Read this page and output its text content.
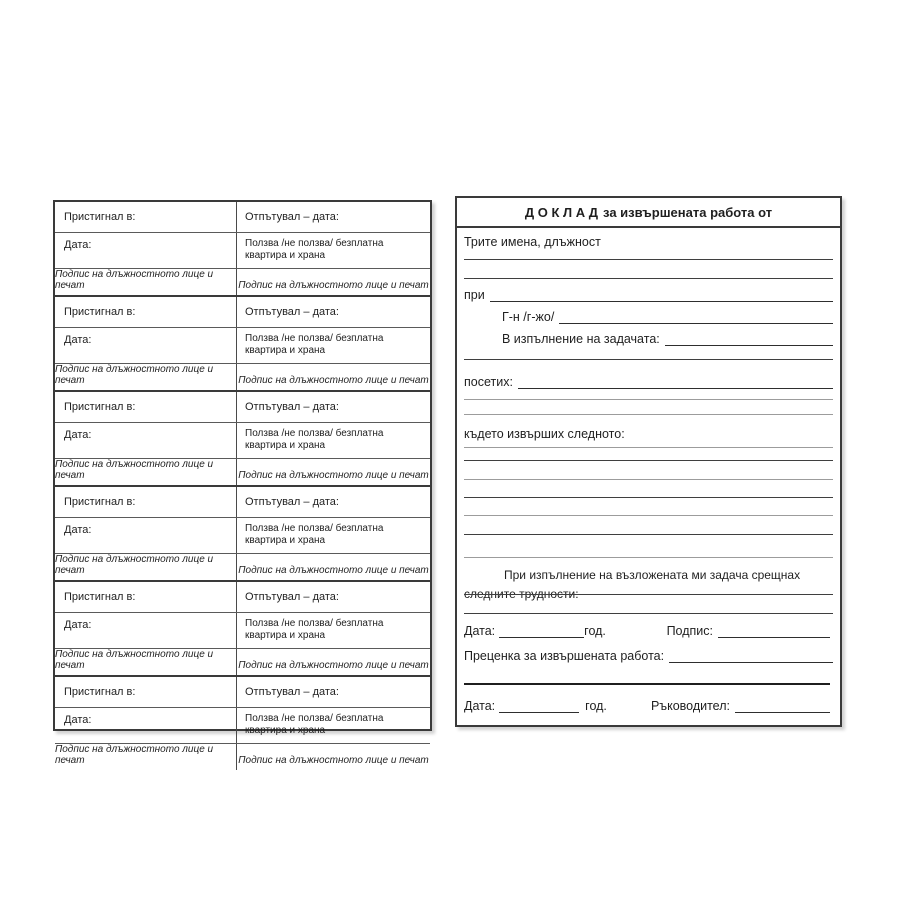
Пристигнал в:	Отпътувал – дата:
Дата:	Ползва /не ползва/ безплатна квартира и храна
Подпис на длъжностното лице и печат	Подпис на длъжностното лице и печат
Пристигнал в:	Отпътувал – дата:
Дата:	Ползва /не ползва/ безплатна квартира и храна
Подпис на длъжностното лице и печат	Подпис на длъжностното лице и печат
Пристигнал в:	Отпътувал – дата:
Дата:	Ползва /не ползва/ безплатна квартира и храна
Подпис на длъжностното лице и печат	Подпис на длъжностното лице и печат
Пристигнал в:	Отпътувал – дата:
Дата:	Ползва /не ползва/ безплатна квартира и храна
Подпис на длъжностното лице и печат	Подпис на длъжностното лице и печат
Пристигнал в:	Отпътувал – дата:
Дата:	Ползва /не ползва/ безплатна квартира и храна
Подпис на длъжностното лице и печат	Подпис на длъжностното лице и печат
Пристигнал в:	Отпътувал – дата:
Дата:	Ползва /не ползва/ безплатна квартира и храна
Подпис на длъжностното лице и печат	Подпис на длъжностното лице и печат
Д О К Л А Д за извършената работа от
Трите имена, длъжност
при
Г-н /г-жо/
В изпълнение на задачата:
посетих:
където извърших следното:
При изпълнение на възложената ми задача срещнах следните трудности:
Дата:	год.	Подпис:
Преценка за извършената работа:
Дата:	год.	Ръководител:
